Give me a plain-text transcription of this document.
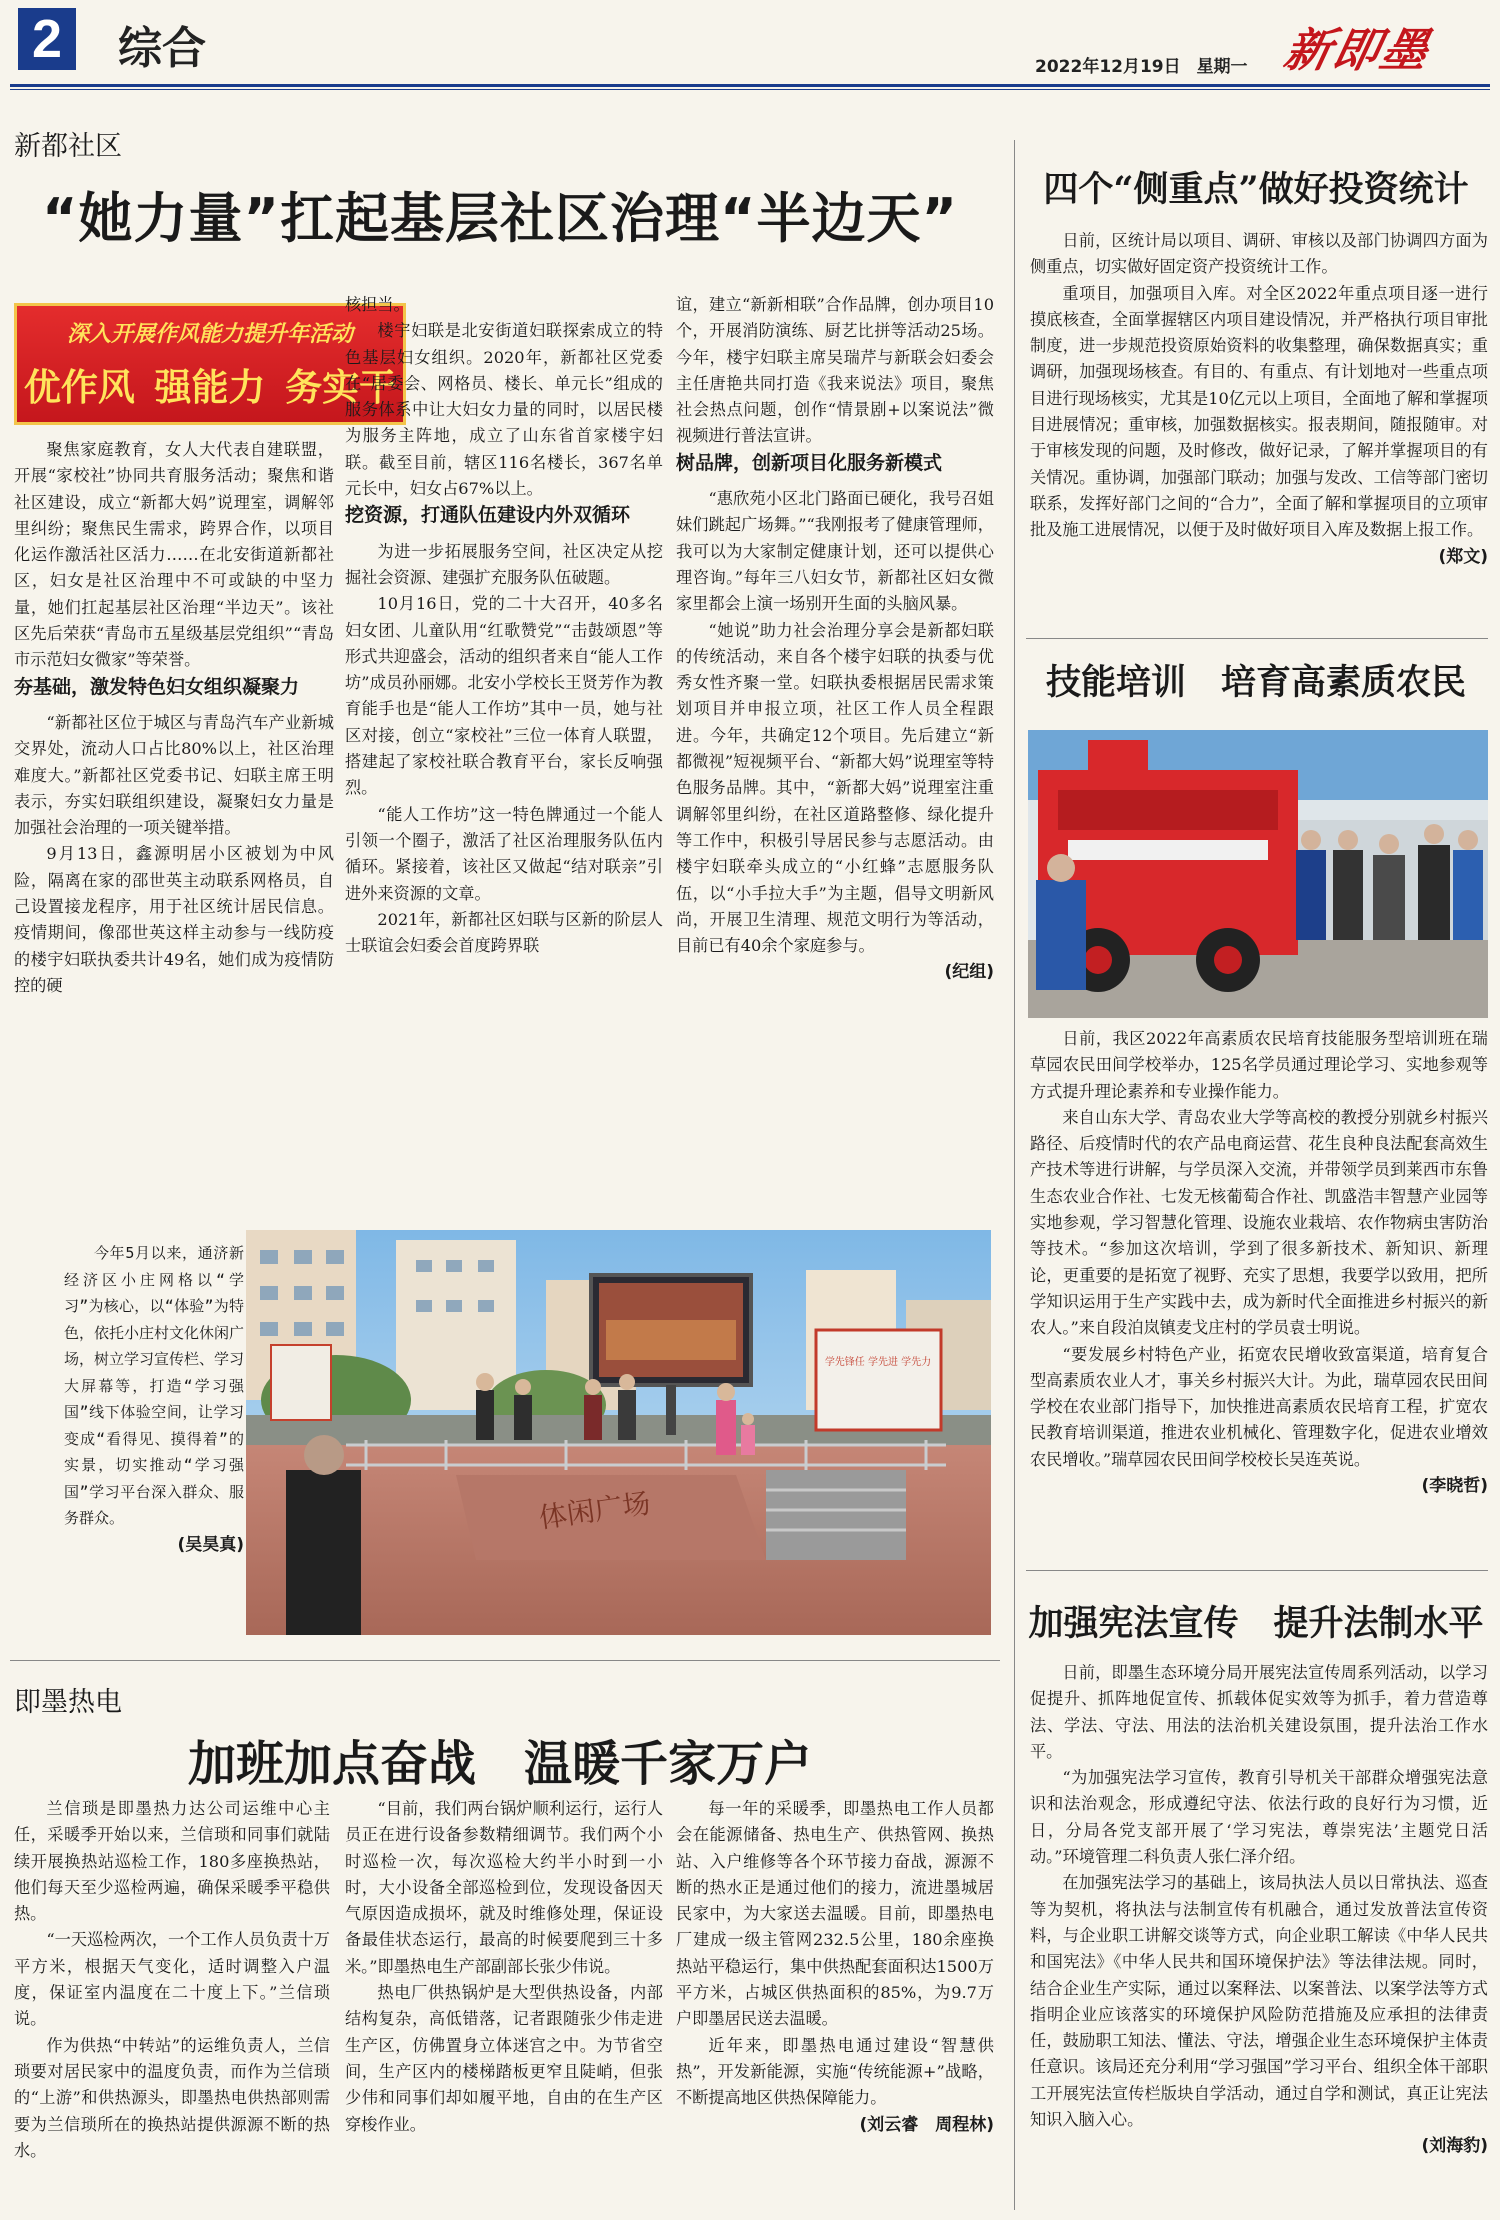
2	综合	2022年12月19日 星期一 新即墨
新都社区
“她力量”扛起基层社区治理“半边天”
深入开展作风能力提升年活动
优作风 强能力 务实干

聚焦家庭教育，女人大代表自建联盟，开展“家校社”协同共育服务活动；聚焦和谐社区建设，成立“新都大妈”说理室，调解邻里纠纷；聚焦民生需求，跨界合作，以项目化运作激活社区活力……在北安街道新都社区，妇女是社区治理中不可或缺的中坚力量，她们扛起基层社区治理“半边天”。该社区先后荣获“青岛市五星级基层党组织”“青岛市示范妇女微家”等荣誉。

夯基础，激发特色妇女组织凝聚力

“新都社区位于城区与青岛汽车产业新城交界处，流动人口占比80%以上，社区治理难度大。”新都社区党委书记、妇联主席王明表示，夯实妇联组织建设，凝聚妇女力量是加强社会治理的一项关键举措。

9月13日，鑫源明居小区被划为中风险，隔离在家的邵世英主动联系网格员，自己设置接龙程序，用于社区统计居民信息。疫情期间，像邵世英这样主动参与一线防疫的楼宇妇联执委共计49名，她们成为疫情防控的硬

核担当。

楼宇妇联是北安街道妇联探索成立的特色基层妇女组织。2020年，新都社区党委在“居委会、网格员、楼长、单元长”组成的服务体系中让大妇女力量的同时，以居民楼为服务主阵地，成立了山东省首家楼宇妇联。截至目前，辖区116名楼长，367名单元长中，妇女占67%以上。

挖资源，打通队伍建设内外双循环

为进一步拓展服务空间，社区决定从挖掘社会资源、建强扩充服务队伍破题。

10月16日，党的二十大召开，40多名妇女团、儿童队用“红歌赞党”“击鼓颂恩”等形式共迎盛会，活动的组织者来自“能人工作坊”成员孙丽娜。北安小学校长王贤芳作为教育能手也是“能人工作坊”其中一员，她与社区对接，创立“家校社”三位一体育人联盟，搭建起了家校社联合教育平台，家长反响强烈。

“能人工作坊”这一特色牌通过一个能人引领一个圈子，激活了社区治理服务队伍内循环。紧接着，该社区又做起“结对联亲”引进外来资源的文章。

2021年，新都社区妇联与区新的阶层人士联谊会妇委会首度跨界联

谊，建立“新新相联”合作品牌，创办项目10个，开展消防演练、厨艺比拼等活动25场。今年，楼宇妇联主席吴瑞芹与新联会妇委会主任唐艳共同打造《我来说法》项目，聚焦社会热点问题，创作“情景剧+以案说法”微视频进行普法宣讲。

树品牌，创新项目化服务新模式

“惠欣苑小区北门路面已硬化，我号召姐妹们跳起广场舞。”“我刚报考了健康管理师，我可以为大家制定健康计划，还可以提供心理咨询。”每年三八妇女节，新都社区妇女微家里都会上演一场别开生面的头脑风暴。

“她说”助力社会治理分享会是新都妇联的传统活动，来自各个楼宇妇联的执委与优秀女性齐聚一堂。妇联执委根据居民需求策划项目并申报立项，社区工作人员全程跟进。今年，共确定12个项目。先后建立“新都微视”短视频平台、“新都大妈”说理室等特色服务品牌。其中，“新都大妈”说理室注重调解邻里纠纷，在社区道路整修、绿化提升等工作中，积极引导居民参与志愿活动。由楼宇妇联牵头成立的“小红蜂”志愿服务队伍，以“小手拉大手”为主题，倡导文明新风尚，开展卫生清理、规范文明行为等活动，目前已有40余个家庭参与。

(纪组)

今年5月以来，通济新经济区小庄网格以“学习”为核心，以“体验”为特色，依托小庄村文化休闲广场，树立学习宣传栏、学习大屏幕等，打造“学习强国”线下体验空间，让学习变成“看得见、摸得着”的实景，切实推动“学习强国”学习平台深入群众、服务群众。

(吴昊真)

学先锋任 学先进 学先力
体闲广场
四个“侧重点”做好投资统计

日前，区统计局以项目、调研、审核以及部门协调四方面为侧重点，切实做好固定资产投资统计工作。

重项目，加强项目入库。对全区2022年重点项目逐一进行摸底核查，全面掌握辖区内项目建设情况，并严格执行项目审批制度，进一步规范投资原始资料的收集整理，确保数据真实；重调研，加强现场核查。有目的、有重点、有计划地对一些重点项目进行现场核实，尤其是10亿元以上项目，全面地了解和掌握项目进展情况；重审核，加强数据核实。报表期间，随报随审。对于审核发现的问题，及时修改，做好记录，了解并掌握项目的有关情况。重协调，加强部门联动；加强与发改、工信等部门密切联系，发挥好部门之间的“合力”，全面了解和掌握项目的立项审批及施工进展情况，以便于及时做好项目入库及数据上报工作。

(郑文)

技能培训　培育高素质农民

日前，我区2022年高素质农民培育技能服务型培训班在瑞草园农民田间学校举办，125名学员通过理论学习、实地参观等方式提升理论素养和专业操作能力。

来自山东大学、青岛农业大学等高校的教授分别就乡村振兴路径、后疫情时代的农产品电商运营、花生良种良法配套高效生产技术等进行讲解，与学员深入交流，并带领学员到莱西市东鲁生态农业合作社、七发无核葡萄合作社、凯盛浩丰智慧产业园等实地参观，学习智慧化管理、设施农业栽培、农作物病虫害防治等技术。“参加这次培训，学到了很多新技术、新知识、新理论，更重要的是拓宽了视野、充实了思想，我要学以致用，把所学知识运用于生产实践中去，成为新时代全面推进乡村振兴的新农人。”来自段泊岚镇麦戈庄村的学员袁士明说。

“要发展乡村特色产业，拓宽农民增收致富渠道，培育复合型高素质农业人才，事关乡村振兴大计。为此，瑞草园农民田间学校在农业部门指导下，加快推进高素质农民培育工程，扩宽农民教育培训渠道，推进农业机械化、管理数字化，促进农业增效农民增收。”瑞草园农民田间学校校长吴连英说。

(李晓哲)

加强宪法宣传　提升法制水平

日前，即墨生态环境分局开展宪法宣传周系列活动，以学习促提升、抓阵地促宣传、抓载体促实效等为抓手，着力营造尊法、学法、守法、用法的法治机关建设氛围，提升法治工作水平。

“为加强宪法学习宣传，教育引导机关干部群众增强宪法意识和法治观念，形成遵纪守法、依法行政的良好行为习惯，近日，分局各党支部开展了‘学习宪法，尊崇宪法’主题党日活动。”环境管理二科负责人张仁泽介绍。

在加强宪法学习的基础上，该局执法人员以日常执法、巡查等为契机，将执法与法制宣传有机融合，通过发放普法宣传资料，与企业职工讲解交谈等方式，向企业职工解读《中华人民共和国宪法》《中华人民共和国环境保护法》等法律法规。同时，结合企业生产实际，通过以案释法、以案普法、以案学法等方式指明企业应该落实的环境保护风险防范措施及应承担的法律责任，鼓励职工知法、懂法、守法，增强企业生态环境保护主体责任意识。该局还充分利用“学习强国”学习平台、组织全体干部职工开展宪法宣传栏版块自学活动，通过自学和测试，真正让宪法知识入脑入心。

(刘海豹)

即墨热电
加班加点奋战　温暖千家万户

兰信琐是即墨热力达公司运维中心主任，采暖季开始以来，兰信琐和同事们就陆续开展换热站巡检工作，180多座换热站，他们每天至少巡检两遍，确保采暖季平稳供热。

“一天巡检两次，一个工作人员负责十万平方米，根据天气变化，适时调整入户温度，保证室内温度在二十度上下。”兰信琐说。

作为供热“中转站”的运维负责人，兰信琐要对居民家中的温度负责，而作为兰信琐的“上游”和供热源头，即墨热电供热部则需要为兰信琐所在的换热站提供源源不断的热水。

“目前，我们两台锅炉顺利运行，运行人员正在进行设备参数精细调节。我们两个小时巡检一次，每次巡检大约半小时到一小时，大小设备全部巡检到位，发现设备因天气原因造成损坏，就及时维修处理，保证设备最佳状态运行，最高的时候要爬到三十多米。”即墨热电生产部副部长张少伟说。

热电厂供热锅炉是大型供热设备，内部结构复杂，高低错落，记者跟随张少伟走进生产区，仿佛置身立体迷宫之中。为节省空间，生产区内的楼梯踏板更窄且陡峭，但张少伟和同事们却如履平地，自由的在生产区穿梭作业。

每一年的采暖季，即墨热电工作人员都会在能源储备、热电生产、供热管网、换热站、入户维修等各个环节接力奋战，源源不断的热水正是通过他们的接力，流进墨城居民家中，为大家送去温暖。目前，即墨热电厂建成一级主管网232.5公里，180余座换热站平稳运行，集中供热配套面积达1500万平方米，占城区供热面积的85%，为9.7万户即墨居民送去温暖。

近年来，即墨热电通过建设“智慧供热”，开发新能源，实施“传统能源+”战略，不断提高地区供热保障能力。

(刘云睿　周程林)
